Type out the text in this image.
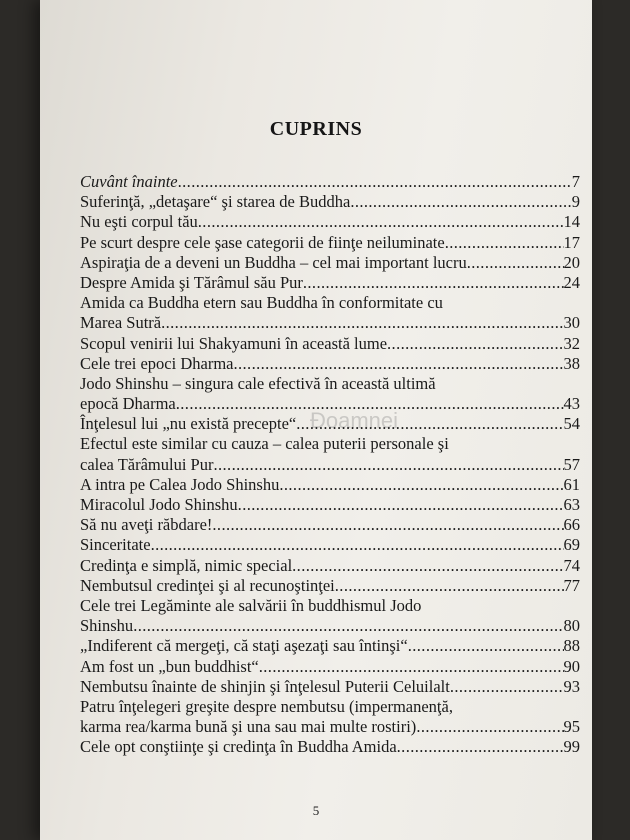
CUPRINS
Đoamnei
Cuvânt înainte .....	7
Suferinţă, „detaşare“ şi starea de Buddha .....	9
Nu eşti corpul tău .....	14
Pe scurt despre cele şase categorii de fiinţe neiluminate .....	17
Aspiraţia de a deveni un Buddha – cel mai important lucru .....	20
Despre Amida şi Tărâmul său Pur .....	24
Amida ca Buddha etern sau Buddha în conformitate cu
Marea Sutră .....	30
Scopul venirii lui Shakyamuni în această lume .....	32
Cele trei epoci Dharma .....	38
Jodo Shinshu – singura cale efectivă în această ultimă
epocă Dharma .....	43
Înţelesul lui „nu există precepte“ .....	54
Efectul este similar cu cauza – calea puterii personale şi
calea Tărâmului Pur .....	57
A intra pe Calea Jodo Shinshu .....	61
Miracolul Jodo Shinshu .....	63
Să nu aveţi răbdare! .....	66
Sinceritate .....	69
Credinţa e simplă, nimic special .....	74
Nembutsul credinţei şi al recunoştinţei .....	77
Cele trei Legăminte ale salvării în buddhismul Jodo
Shinshu .....	80
„Indiferent că mergeţi, că staţi aşezaţi sau întinşi“ .....	88
Am fost un „bun buddhist“ .....	90
Nembutsu înainte de shinjin şi înţelesul Puterii Celuilalt .....	93
Patru înţelegeri greşite despre nembutsu (impermanenţă,
karma rea/karma bună şi una sau mai multe rostiri) .....	95
Cele opt conştiinţe şi credinţa în Buddha Amida .....	99
5
